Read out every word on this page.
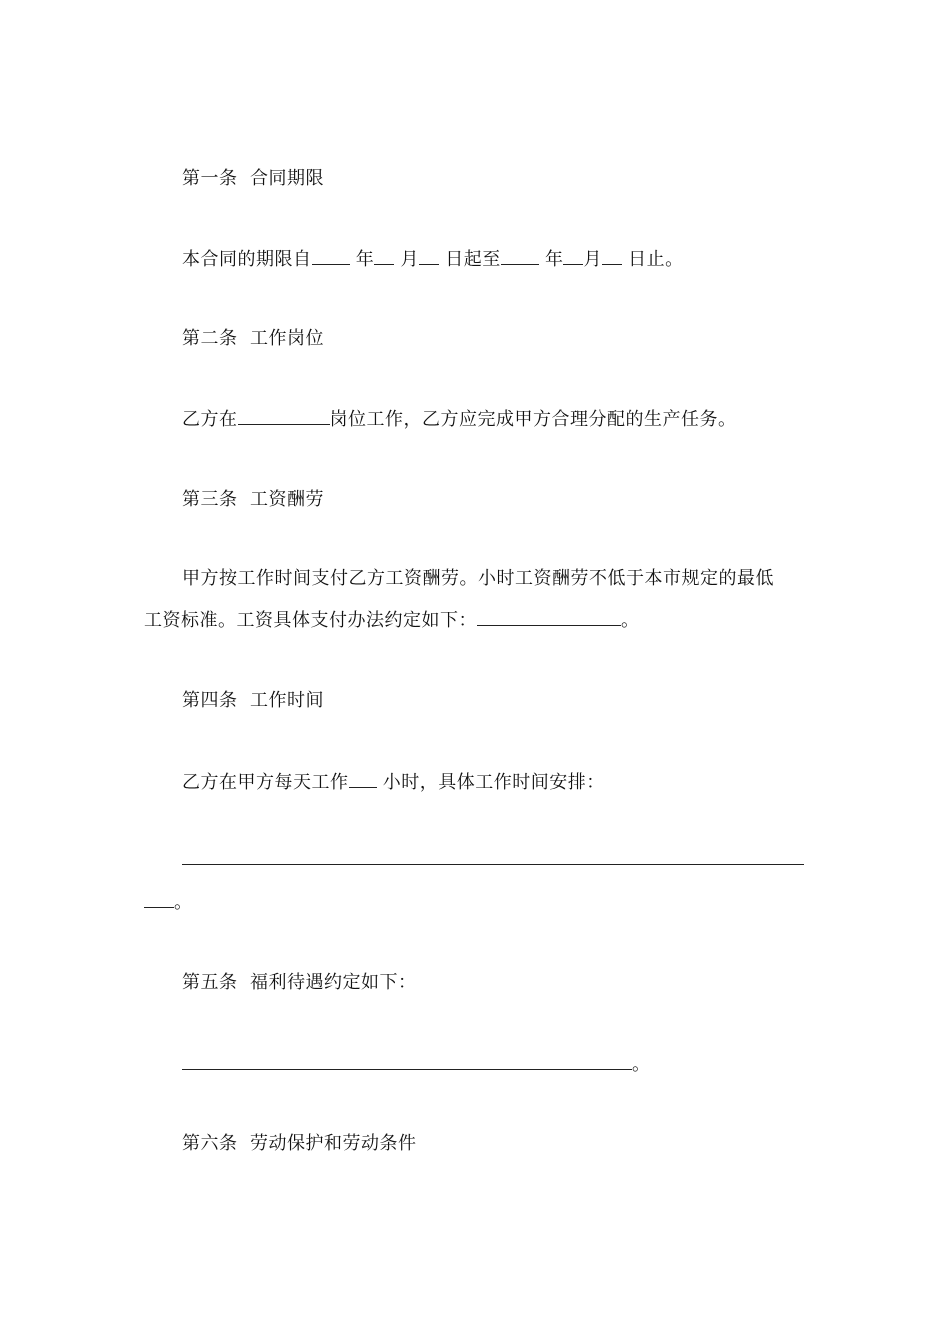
第一条  合同期限
本合同的期限自 年 月 日起至 年 月 日止。
第二条  工作岗位
乙方在	岗位工作，乙方应完成甲方合理分配的生产任务。
第三条  工资酬劳
甲方按工作时间支付乙方工资酬劳。小时工资酬劳不低于本市规定的最低
工资标准。工资具体支付办法约定如下：	。
第四条  工作时间
乙方在甲方每天工作 小时，具体工作时间安排：
。
第五条  福利待遇约定如下：
。
第六条  劳动保护和劳动条件
